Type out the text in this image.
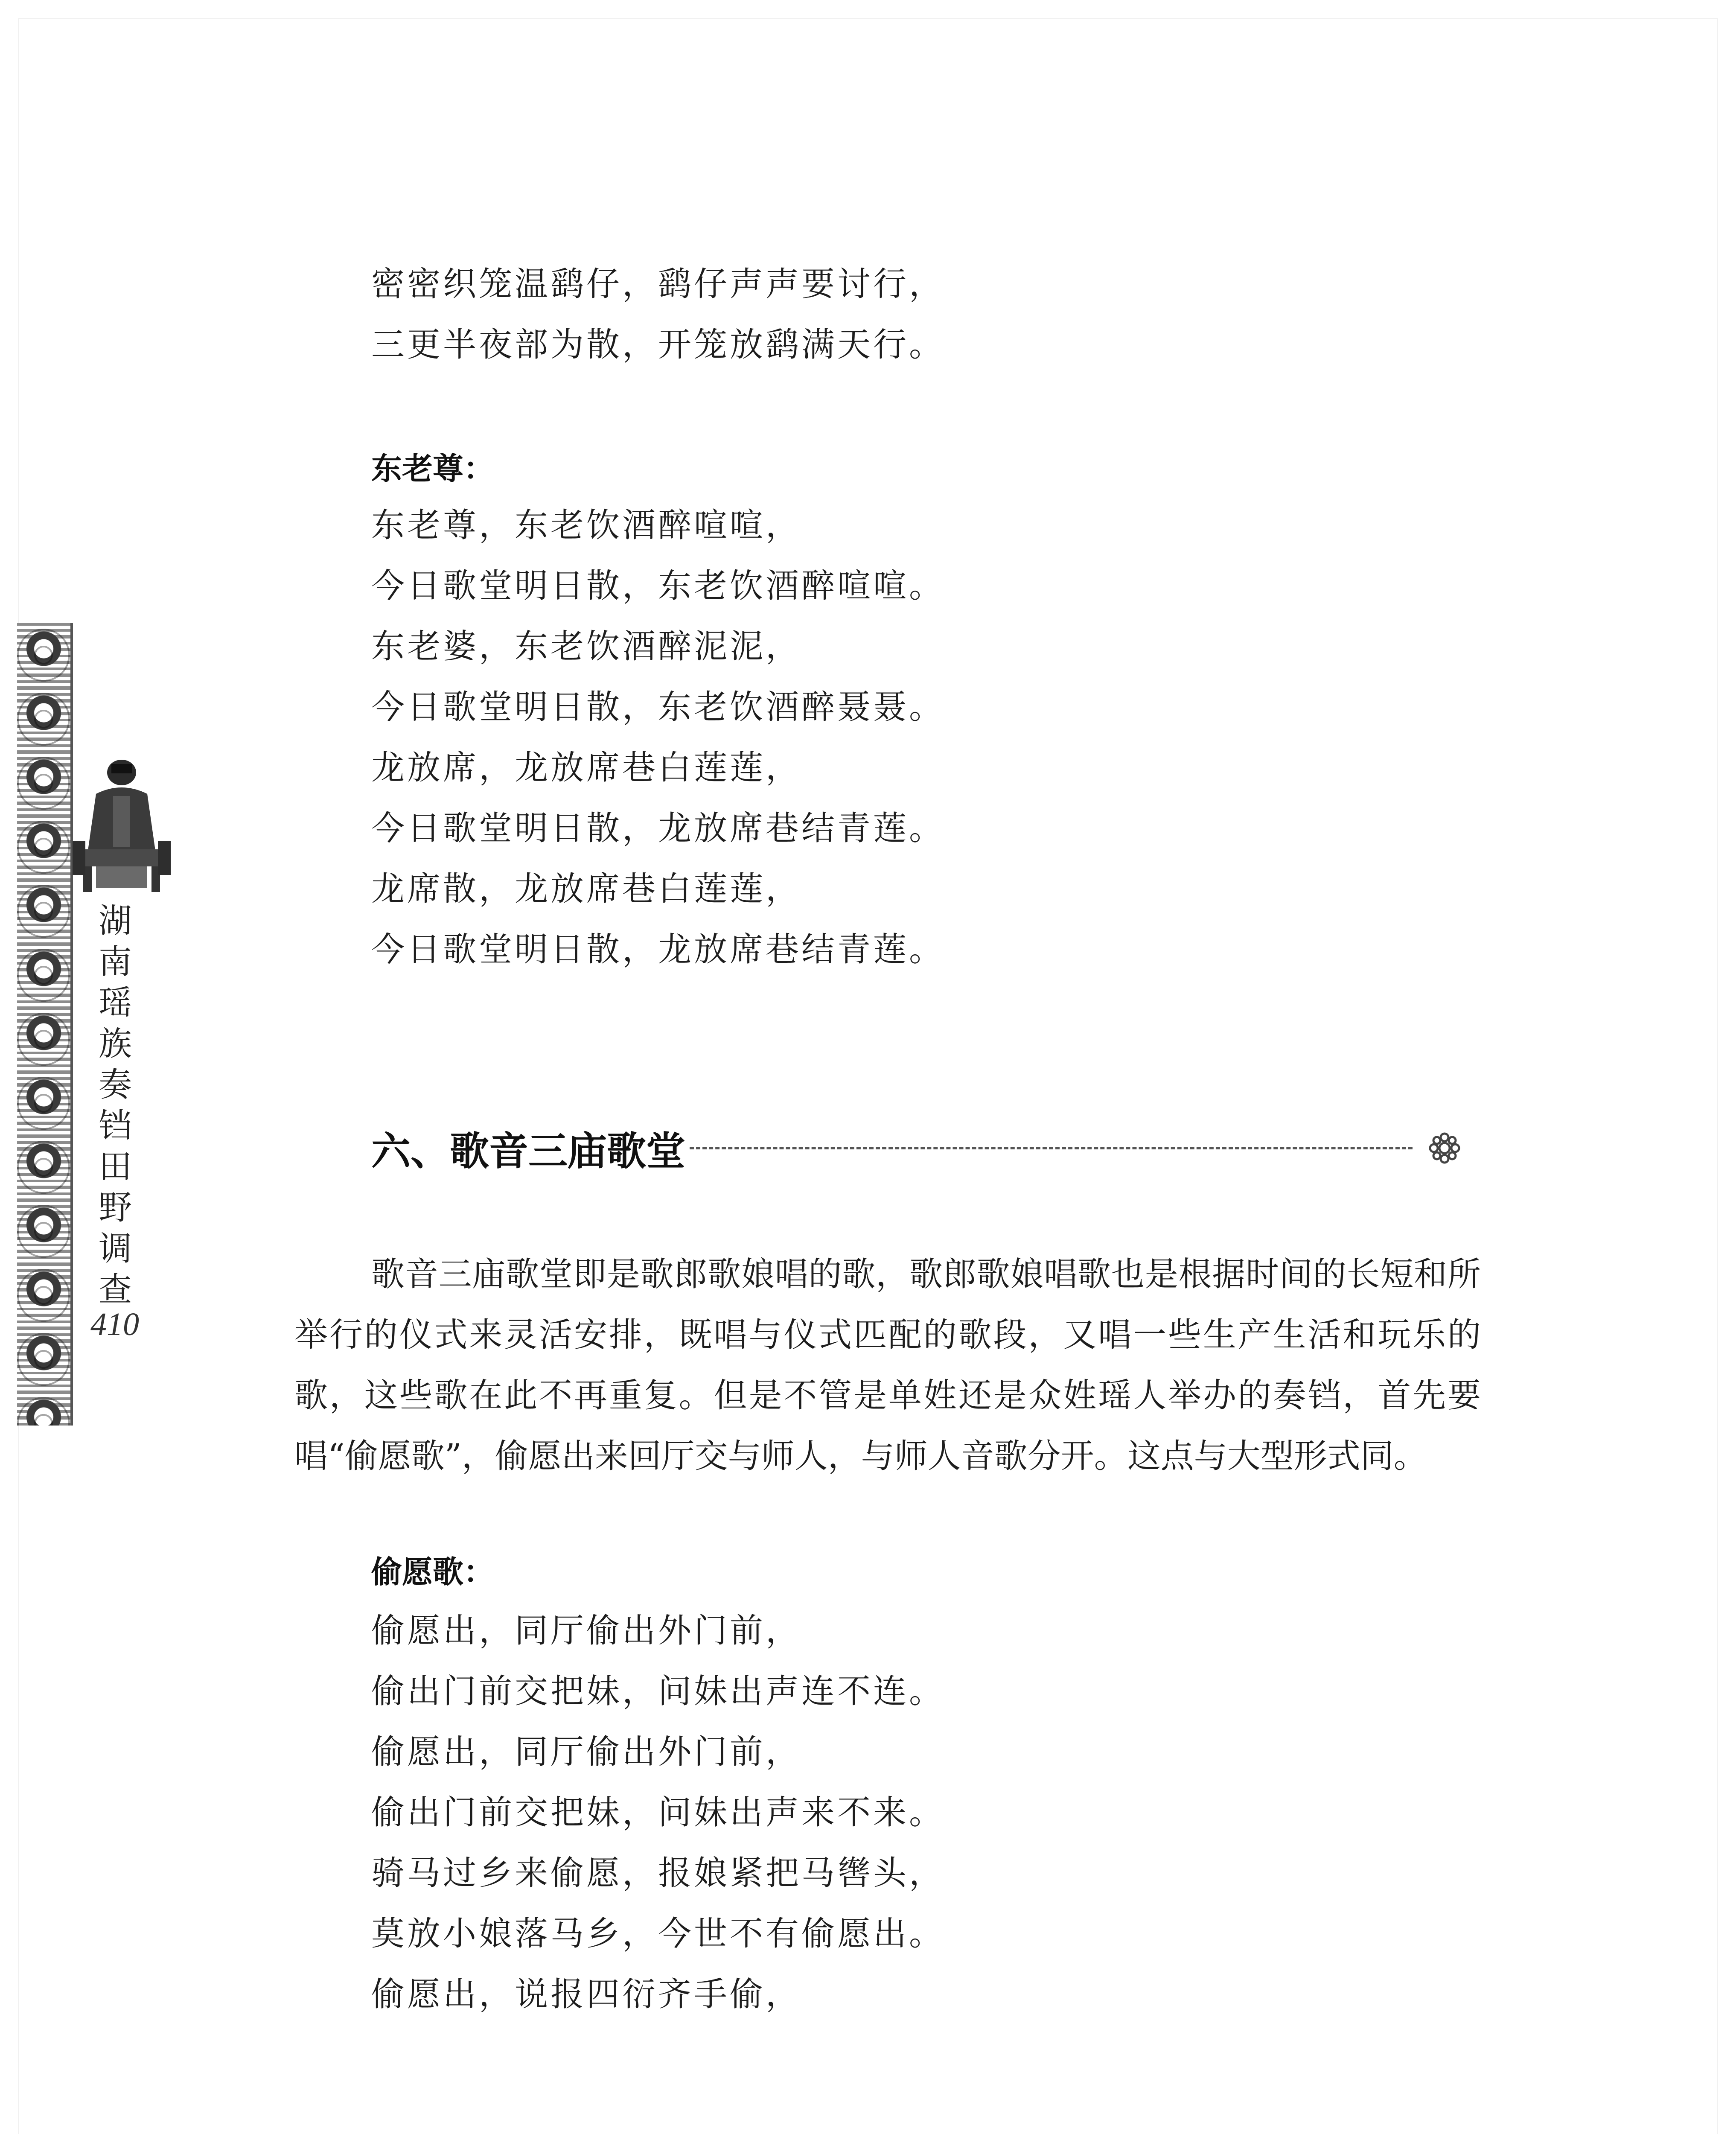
湖
南
瑶
族
奏
铛
田
野
调
查
410
密密织笼温鹞仔，鹞仔声声要讨行，
三更半夜部为散，开笼放鹞满天行。
东老尊：
东老尊，东老饮酒醉喧喧，
今日歌堂明日散，东老饮酒醉喧喧。
东老婆，东老饮酒醉泥泥，
今日歌堂明日散，东老饮酒醉聂聂。
龙放席，龙放席巷白莲莲，
今日歌堂明日散，龙放席巷结青莲。
龙席散，龙放席巷白莲莲，
今日歌堂明日散，龙放席巷结青莲。
六、歌音三庙歌堂

歌音三庙歌堂即是歌郎歌娘唱的歌，歌郎歌娘唱歌也是根据时间的长短和所举行的仪式来灵活安排，既唱与仪式匹配的歌段，又唱一些生产生活和玩乐的歌，这些歌在此不再重复。但是不管是单姓还是众姓瑶人举办的奏铛，首先要唱“偷愿歌”，偷愿出来回厅交与师人，与师人音歌分开。这点与大型形式同。

偷愿歌：
偷愿出，同厅偷出外门前，
偷出门前交把妹，问妹出声连不连。
偷愿出，同厅偷出外门前，
偷出门前交把妹，问妹出声来不来。
骑马过乡来偷愿，报娘紧把马辔头，
莫放小娘落马乡，今世不有偷愿出。
偷愿出，说报四衍齐手偷，
